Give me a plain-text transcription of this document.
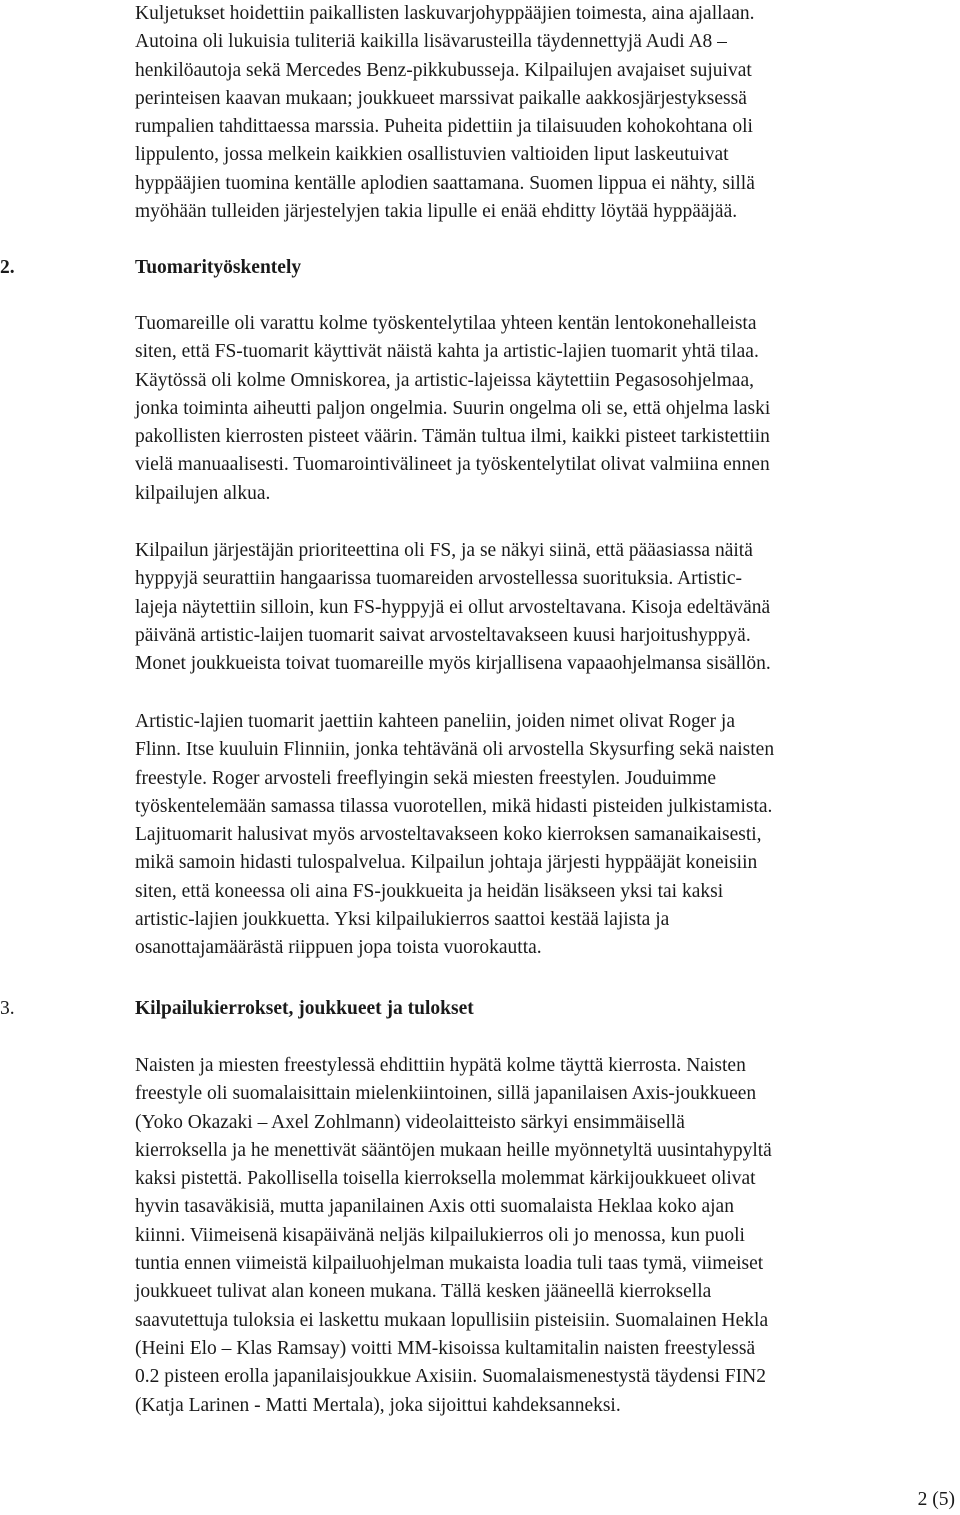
Kuljetukset hoidettiin paikallisten laskuvarjohyppääjien toimesta, aina ajallaan.
Autoina oli lukuisia tuliteriä kaikilla lisävarusteilla täydennettyjä Audi A8 –
henkilöautoja sekä Mercedes Benz-pikkubusseja. Kilpailujen avajaiset sujuivat
perinteisen kaavan mukaan; joukkueet marssivat paikalle aakkosjärjestyksessä
rumpalien tahdittaessa marssia. Puheita pidettiin ja tilaisuuden kohokohtana oli
lippulento, jossa melkein kaikkien osallistuvien valtioiden liput laskeutuivat
hyppääjien tuomina kentälle aplodien saattamana. Suomen lippua ei nähty, sillä
myöhään tulleiden järjestelyjen takia lipulle ei enää ehditty löytää hyppääjää.
2.	Tuomarityöskentely
Tuomareille oli varattu kolme työskentelytilaa yhteen kentän lentokonehalleista
siten, että FS-tuomarit käyttivät näistä kahta ja artistic-lajien tuomarit yhtä tilaa.
Käytössä oli kolme Omniskorea, ja artistic-lajeissa käytettiin Pegasosohjelmaa,
jonka toiminta aiheutti paljon ongelmia. Suurin ongelma oli se, että ohjelma laski
pakollisten kierrosten pisteet väärin. Tämän tultua ilmi, kaikki pisteet tarkistettiin
vielä manuaalisesti. Tuomarointivälineet ja työskentelytilat olivat valmiina ennen
kilpailujen alkua.
Kilpailun järjestäjän prioriteettina oli FS, ja se näkyi siinä, että pääasiassa näitä
hyppyjä seurattiin hangaarissa tuomareiden arvostellessa suorituksia. Artistic-
lajeja näytettiin silloin, kun FS-hyppyjä ei ollut arvosteltavana. Kisoja edeltävänä
päivänä artistic-laijen tuomarit saivat arvosteltavakseen kuusi harjoitushyppyä.
Monet joukkueista toivat tuomareille myös kirjallisena vapaaohjelmansa sisällön.
Artistic-lajien tuomarit jaettiin kahteen paneliin, joiden nimet olivat Roger ja
Flinn. Itse kuuluin Flinniin, jonka tehtävänä oli arvostella Skysurfing sekä naisten
freestyle. Roger arvosteli freeflyingin sekä miesten freestylen. Jouduimme
työskentelemään samassa tilassa vuorotellen, mikä hidasti pisteiden julkistamista.
Lajituomarit halusivat myös arvosteltavakseen koko kierroksen samanaikaisesti,
mikä samoin hidasti tulospalvelua. Kilpailun johtaja järjesti hyppääjät koneisiin
siten, että koneessa oli aina FS-joukkueita ja heidän lisäkseen yksi tai kaksi
artistic-lajien joukkuetta. Yksi kilpailukierros saattoi kestää lajista ja
osanottajamäärästä riippuen jopa toista vuorokautta.
3.	Kilpailukierrokset, joukkueet ja tulokset
Naisten ja miesten freestylessä ehdittiin hypätä kolme täyttä kierrosta. Naisten
freestyle oli suomalaisittain mielenkiintoinen, sillä japanilaisen Axis-joukkueen
(Yoko Okazaki – Axel Zohlmann) videolaitteisto särkyi ensimmäisellä
kierroksella ja he menettivät sääntöjen mukaan heille myönnetyltä uusintahypyltä
kaksi pistettä. Pakollisella toisella kierroksella molemmat kärkijoukkueet olivat
hyvin tasaväkisiä, mutta japanilainen Axis otti suomalaista Heklaa koko ajan
kiinni. Viimeisenä kisapäivänä neljäs kilpailukierros oli jo menossa, kun puoli
tuntia ennen viimeistä kilpailuohjelman mukaista loadia tuli taas tymä, viimeiset
joukkueet tulivat alan koneen mukana. Tällä kesken jääneellä kierroksella
saavutettuja tuloksia ei laskettu mukaan lopullisiin pisteisiin. Suomalainen Hekla
(Heini Elo – Klas Ramsay) voitti MM-kisoissa kultamitalin naisten freestylessä
0.2 pisteen erolla japanilaisjoukkue Axisiin. Suomalaismenestystä täydensi FIN2
(Katja Larinen - Matti Mertala), joka sijoittui kahdeksanneksi.
2 (5)
